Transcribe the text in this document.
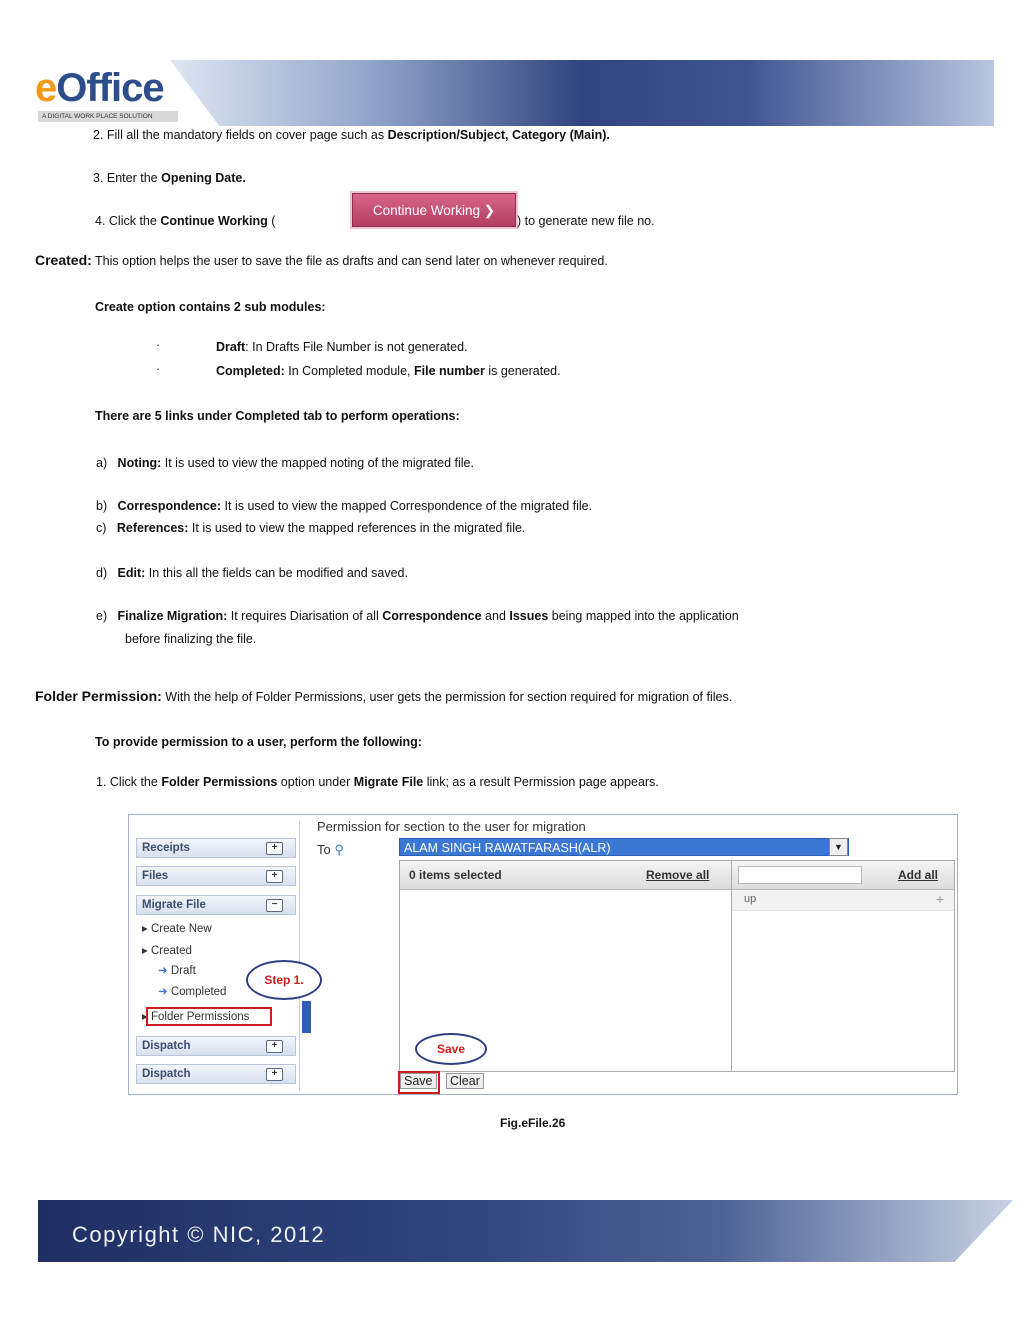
eOffice
A DIGITAL WORK PLACE SOLUTION
2. Fill all the mandatory fields on cover page such as Description/Subject, Category (Main).
3. Enter the Opening Date.
4. Click the Continue Working (
Continue Working ❯
) to generate new file no.
Created: This option helps the user to save the file as drafts and can send later on whenever required.
Create option contains 2 sub modules:
·	Draft: In Drafts File Number is not generated.
·	Completed: In Completed module, File number is generated.
There are 5 links under Completed tab to perform operations:
a) Noting: It is used to view the mapped noting of the migrated file.
b) Correspondence: It is used to view the mapped Correspondence of the migrated file.
c) References: It is used to view the mapped references in the migrated file.
d) Edit: In this all the fields can be modified and saved.
e) Finalize Migration: It requires Diarisation of all Correspondence and Issues being mapped into the application
before finalizing the file.
Folder Permission: With the help of Folder Permissions, user gets the permission for section required for migration of files.
To provide permission to a user, perform the following:
1. Click the Folder Permissions option under Migrate File link; as a result Permission page appears.
Receipts	+
Files	+
Migrate File	−
▸ Create New
▸ Created
➜ Draft
➜ Completed
▸ Folder Permissions
Dispatch	+
Dispatch	+
Step 1.
Permission for section to the user for migration
To ⚲	ALAM SINGH RAWATFARASH(ALR)	▼
0 items selected	Remove all	Add all
up	+
Save
Save	Clear
Fig.eFile.26
Copyright © NIC, 2012
